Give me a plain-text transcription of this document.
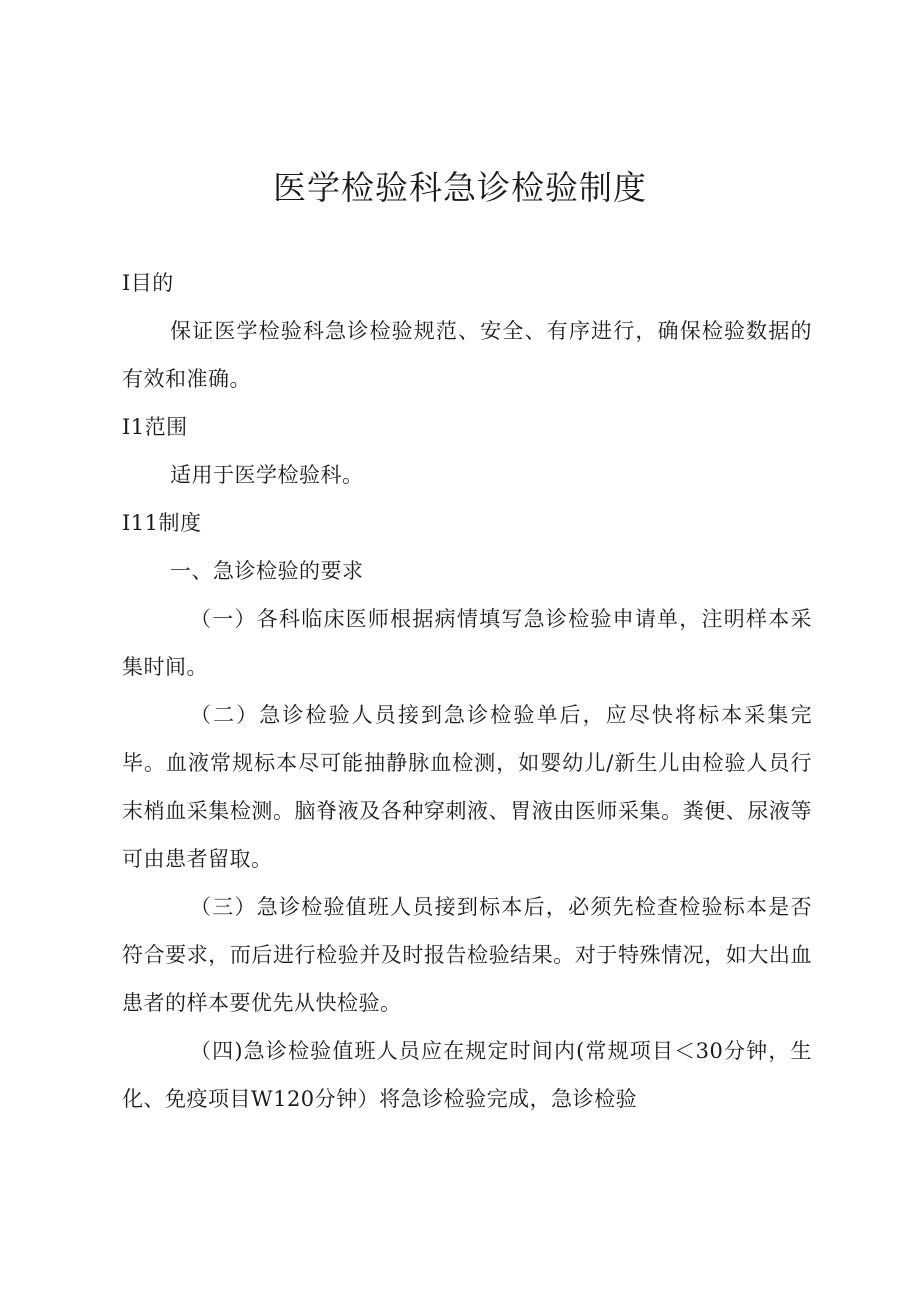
医学检验科急诊检验制度

I目的

保证医学检验科急诊检验规范、安全、有序进行，确保检验数据的有效和准确。

I1范围

适用于医学检验科。

I11制度

一、急诊检验的要求

（一）各科临床医师根据病情填写急诊检验申请单，注明样本采集时间。

（二）急诊检验人员接到急诊检验单后，应尽快将标本采集完毕。血液常规标本尽可能抽静脉血检测，如婴幼儿/新生儿由检验人员行末梢血采集检测。脑脊液及各种穿刺液、胃液由医师采集。粪便、尿液等可由患者留取。

（三）急诊检验值班人员接到标本后，必须先检查检验标本是否符合要求，而后进行检验并及时报告检验结果。对于特殊情况，如大出血患者的样本要优先从快检验。

（四)急诊检验值班人员应在规定时间内(常规项目＜30分钟，生化、免疫项目W120分钟）将急诊检验完成，急诊检验
